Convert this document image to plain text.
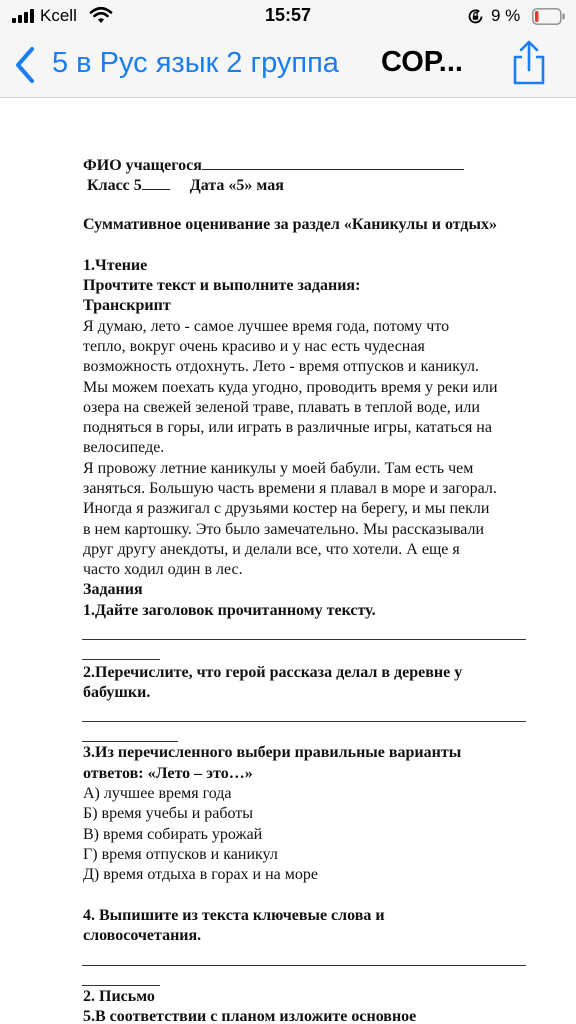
Kcell	15:57	9 %
5 в Рус язык 2 группа СОР...
ФИО учащегося
Класс 5	Дата «5» мая
Суммативное оценивание за раздел «Каникулы и отдых»
1.Чтение
Прочтите текст и выполните задания:
Транскрипт
Я думаю, лето - самое лучшее время года, потому что
тепло, вокруг очень красиво и у нас есть чудесная
возможность отдохнуть. Лето - время отпусков и каникул.
Мы можем поехать куда угодно, проводить время у реки или
озера на свежей зеленой траве, плавать в теплой воде, или
подняться в горы, или играть в различные игры, кататься на
велосипеде.
Я провожу летние каникулы у моей бабули. Там есть чем
заняться. Большую часть времени я плавал в море и загорал.
Иногда я разжигал с друзьями костер на берегу, и мы пекли
в нем картошку. Это было замечательно. Мы рассказывали
друг другу анекдоты, и делали все, что хотели. А еще я
часто ходил один в лес.
Задания
1.Дайте заголовок прочитанному тексту.
2.Перечислите, что герой рассказа делал в деревне у
бабушки.
3.Из перечисленного выбери правильные варианты
ответов: «Лето – это…»
А) лучшее время года
Б) время учебы и работы
В) время собирать урожай
Г) время отпусков и каникул
Д) время отдыха в горах и на море
4. Выпишите из текста ключевые слова и
словосочетания.
2. Письмо
5.В соответствии с планом изложите основное
